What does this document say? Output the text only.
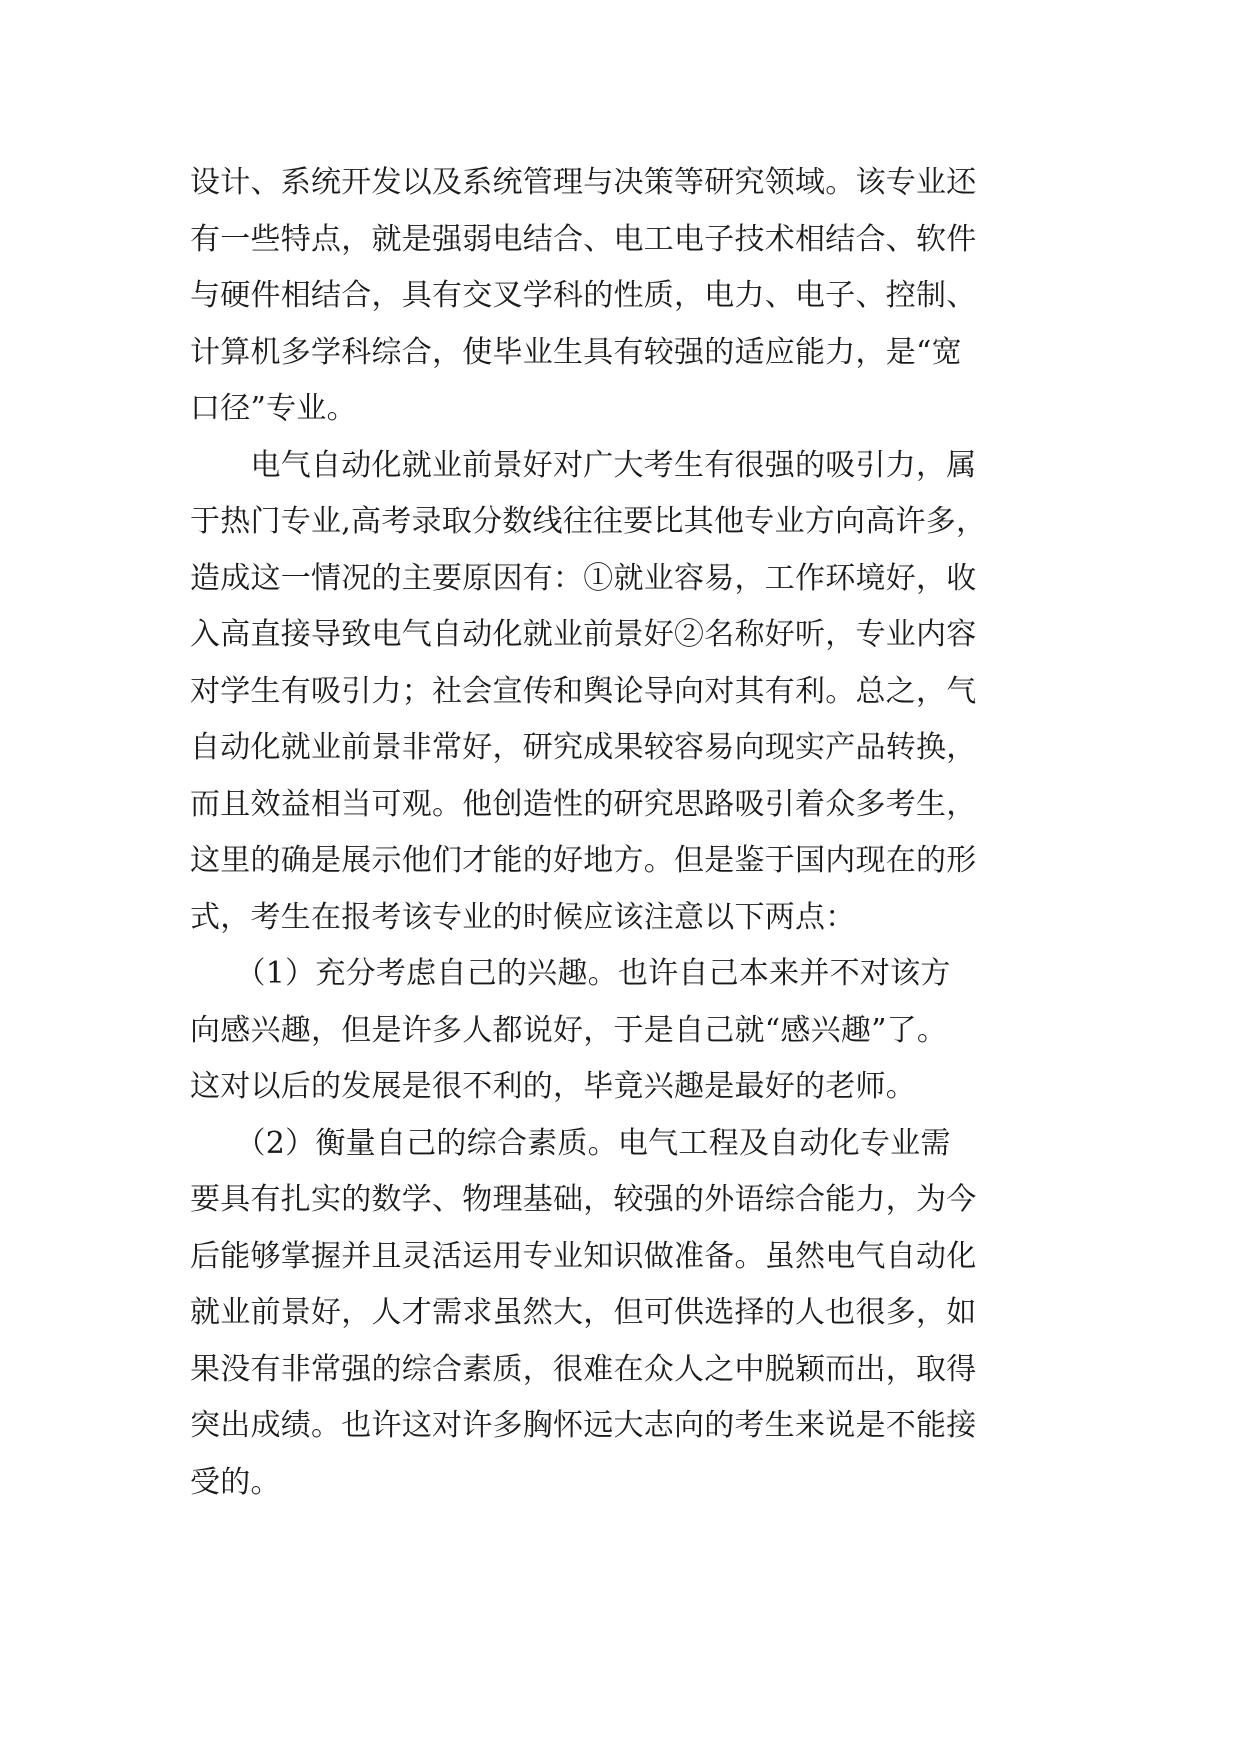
设计、系统开发以及系统管理与决策等研究领域。该专业还
有一些特点，就是强弱电结合、电工电子技术相结合、软件
与硬件相结合，具有交叉学科的性质，电力、电子、控制、
计算机多学科综合，使毕业生具有较强的适应能力，是“宽
口径”专业。
　　电气自动化就业前景好对广大考生有很强的吸引力，属
于热门专业,高考录取分数线往往要比其他专业方向高许多，
造成这一情况的主要原因有：①就业容易，工作环境好，收
入高直接导致电气自动化就业前景好②名称好听，专业内容
对学生有吸引力；社会宣传和舆论导向对其有利。总之，气
自动化就业前景非常好，研究成果较容易向现实产品转换，
而且效益相当可观。他创造性的研究思路吸引着众多考生，
这里的确是展示他们才能的好地方。但是鉴于国内现在的形
式，考生在报考该专业的时候应该注意以下两点：
　　（1）充分考虑自己的兴趣。也许自己本来并不对该方
向感兴趣，但是许多人都说好，于是自己就“感兴趣”了。
这对以后的发展是很不利的，毕竟兴趣是最好的老师。
　　（2）衡量自己的综合素质。电气工程及自动化专业需
要具有扎实的数学、物理基础，较强的外语综合能力，为今
后能够掌握并且灵活运用专业知识做准备。虽然电气自动化
就业前景好，人才需求虽然大，但可供选择的人也很多，如
果没有非常强的综合素质，很难在众人之中脱颖而出，取得
突出成绩。也许这对许多胸怀远大志向的考生来说是不能接
受的。
